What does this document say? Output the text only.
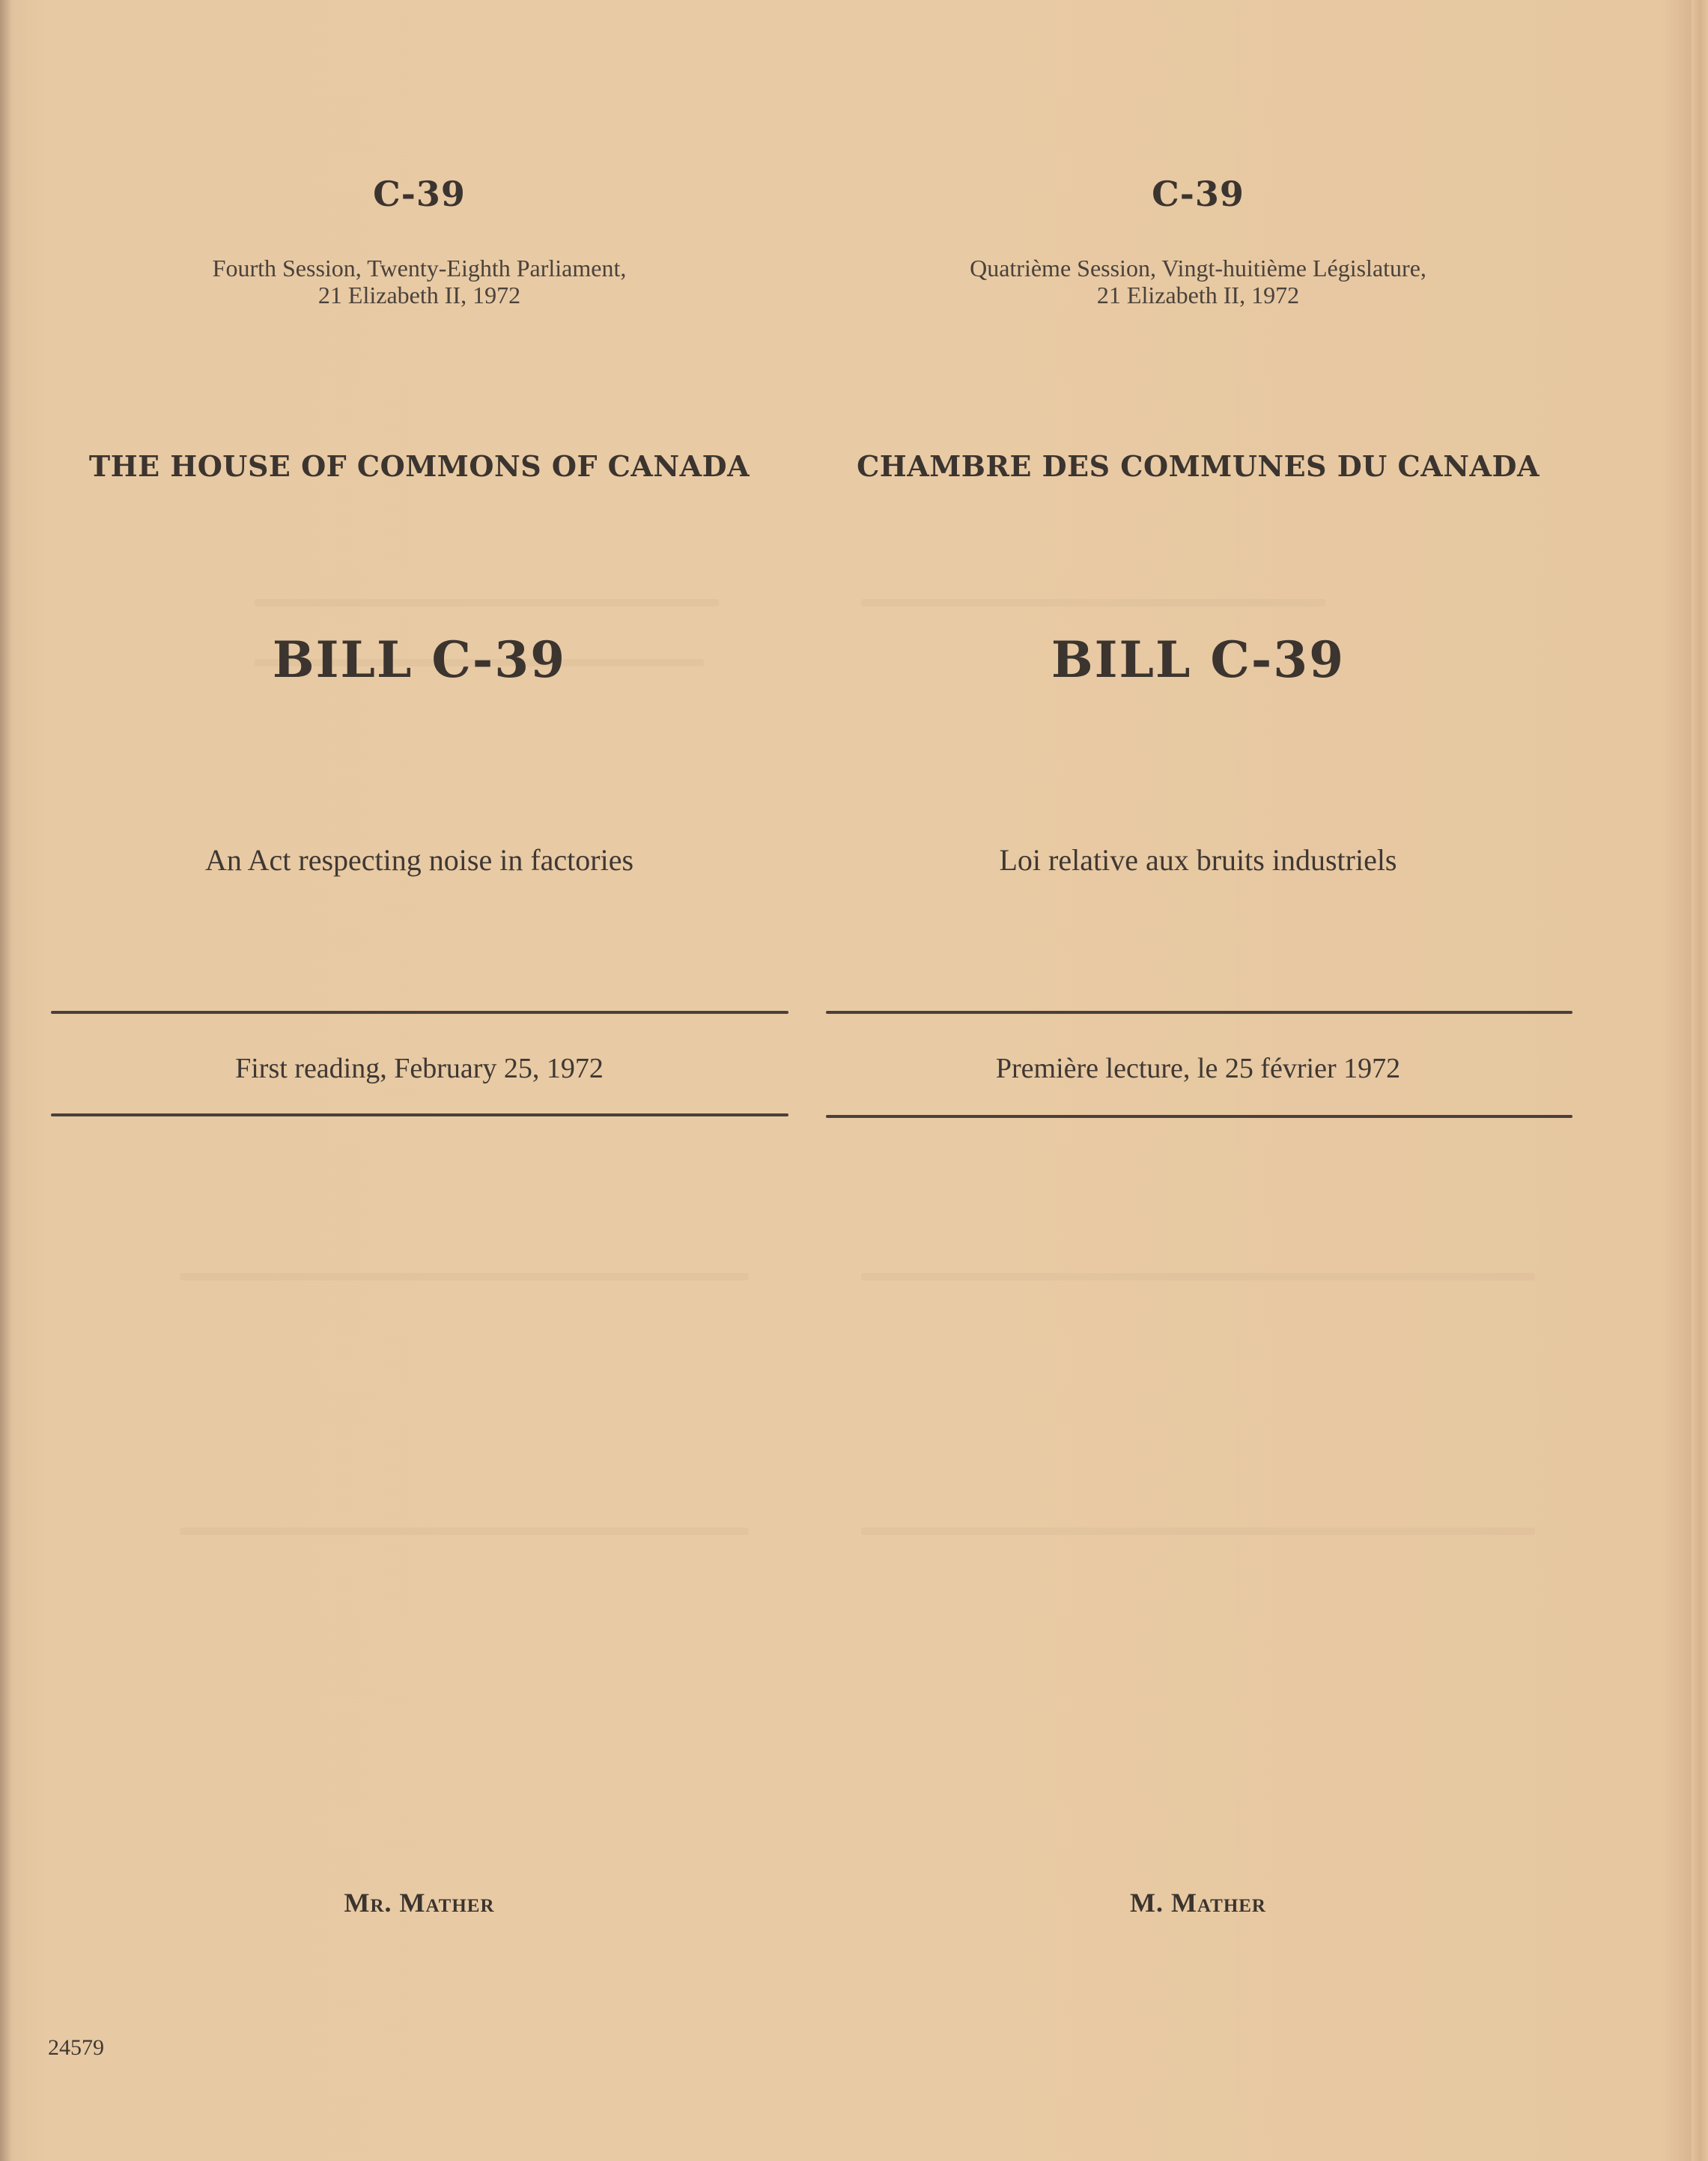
C-39
Fourth Session, Twenty-Eighth Parliament,
21 Elizabeth II, 1972
THE HOUSE OF COMMONS OF CANADA
BILL C-39
An Act respecting noise in factories
First reading, February 25, 1972
Mr. Mather
C-39
Quatrième Session, Vingt-huitième Législature,
21 Elizabeth II, 1972
CHAMBRE DES COMMUNES DU CANADA
BILL C-39
Loi relative aux bruits industriels
Première lecture, le 25 février 1972
M. Mather
24579
